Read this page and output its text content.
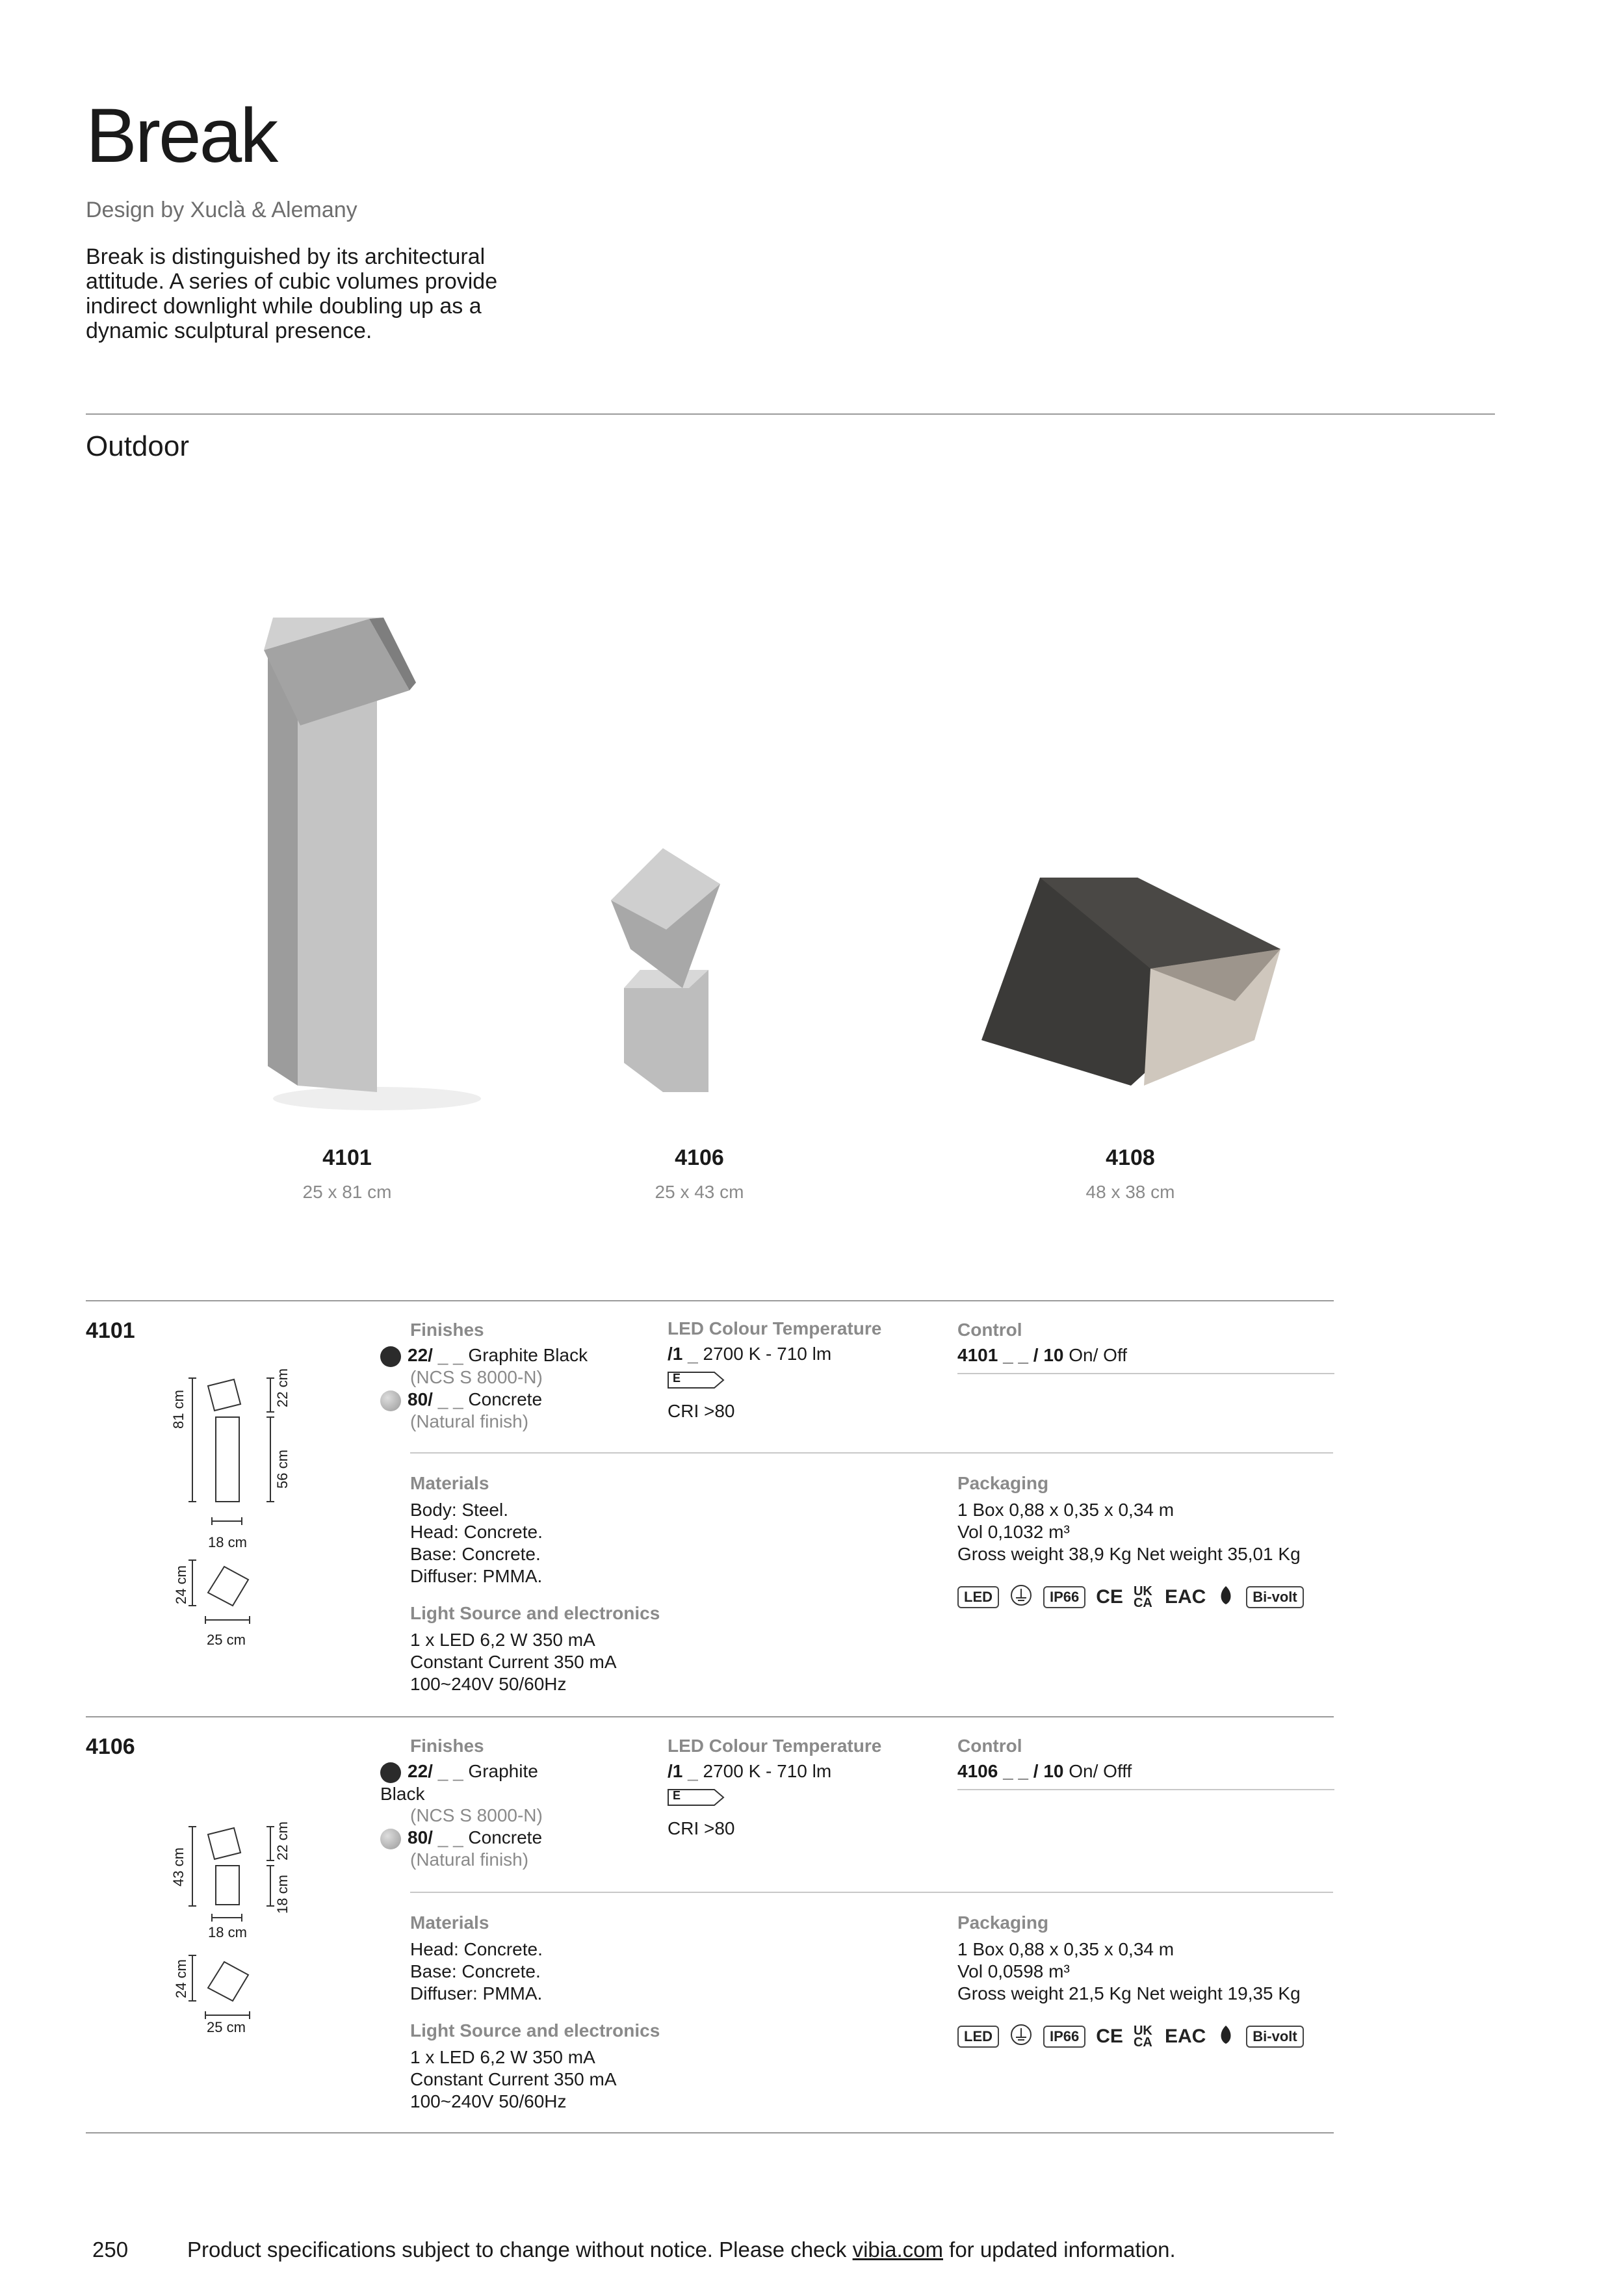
Break
Design by Xuclà & Alemany
Break is distinguished by its architectural attitude. A series of cubic volumes provide indirect downlight while doubling up as a dynamic sculptural presence.
Outdoor
4101
25 x 81 cm
4106
25 x 43 cm
4108
48 x 38 cm
4101
81 cm
22 cm
56 cm
18 cm
24 cm
25 cm
Finishes
22/ _ _ Graphite Black
(NCS S 8000-N)
80/ _ _ Concrete
(Natural finish)
LED Colour Temperature
/1 _ 2700 K - 710 lm
E
CRI >80
Control
4101 _ _ / 10 On/ Off
Materials
Body: Steel.
Head: Concrete.
Base: Concrete.
Diffuser: PMMA.
Light Source and electronics
1 x LED 6,2 W 350 mA
Constant Current 350 mA
100~240V 50/60Hz
Packaging
1 Box 0,88 x 0,35 x 0,34 m
Vol 0,1032 m³
Gross weight 38,9 Kg Net weight 35,01 Kg
LED	IP66 CE UK CA EAC	Bi-volt
4106
43 cm
22 cm
18 cm
18 cm
24 cm
25 cm
Finishes
22/ _ _ Graphite Black
(NCS S 8000-N)
80/ _ _ Concrete
(Natural finish)
LED Colour Temperature
/1 _ 2700 K - 710 lm
E
CRI >80
Control
4106 _ _ / 10 On/ Offf
Materials
Head: Concrete.
Base: Concrete.
Diffuser: PMMA.
Light Source and electronics
1 x LED 6,2 W 350 mA
Constant Current 350 mA
100~240V 50/60Hz
Packaging
1 Box 0,88 x 0,35 x 0,34 m
Vol 0,0598 m³
Gross weight 21,5 Kg Net weight 19,35 Kg
LED	IP66 CE UK CA EAC	Bi-volt
250	Product specifications subject to change without notice. Please check vibia.com for updated information.
